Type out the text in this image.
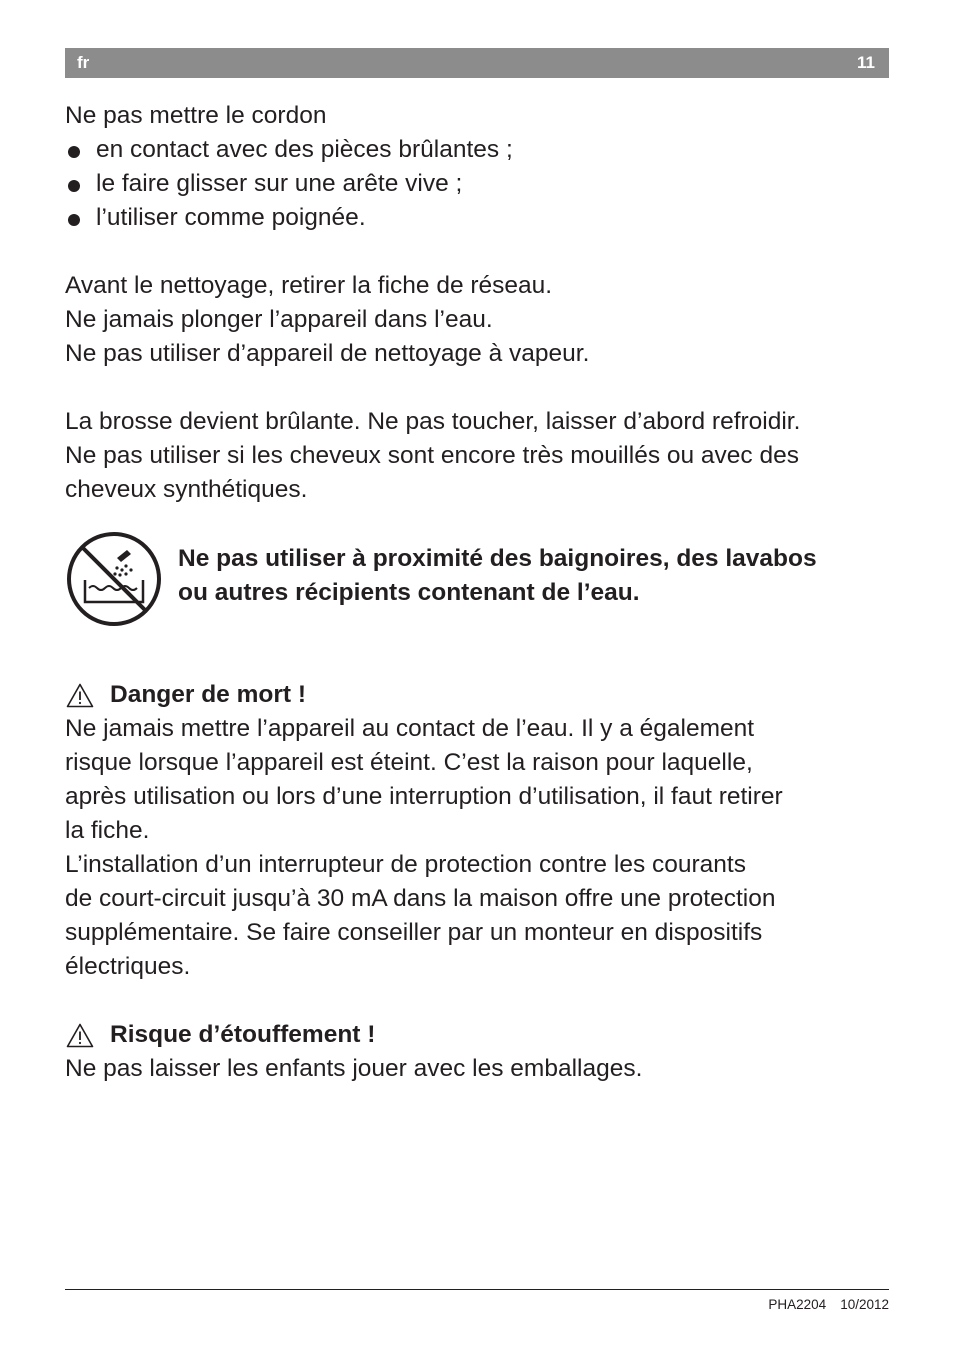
fr	11

Ne pas mettre le cordon

en contact avec des pièces brûlantes ;
le faire glisser sur une arête vive ;
l’utiliser comme poignée.

Avant le nettoyage, retirer la fiche de réseau.
Ne jamais plonger l’appareil dans l’eau.
Ne pas utiliser d’appareil de nettoyage à vapeur.

La brosse devient brûlante. Ne pas toucher, laisser d’abord refroidir.
Ne pas utiliser si les cheveux sont encore très mouillés ou avec des
cheveux synthétiques.

Ne pas utiliser à proximité des baignoires, des lavabos
ou autres récipients contenant de l’eau.
Danger de mort !

Ne jamais mettre l’appareil au contact de l’eau. Il y a également
risque lorsque l’appareil est éteint. C’est la raison pour laquelle,
après utilisation ou lors d’une interruption d’utilisation, il faut retirer
la fiche.
L’installation d’un interrupteur de protection contre les courants
de court-circuit jusqu’à 30 mA dans la maison offre une protection
supplémentaire. Se faire conseiller par un monteur en dispositifs
électriques.

Risque d’étouffement !

Ne pas laisser les enfants jouer avec les emballages.

PHA2204 10/2012
